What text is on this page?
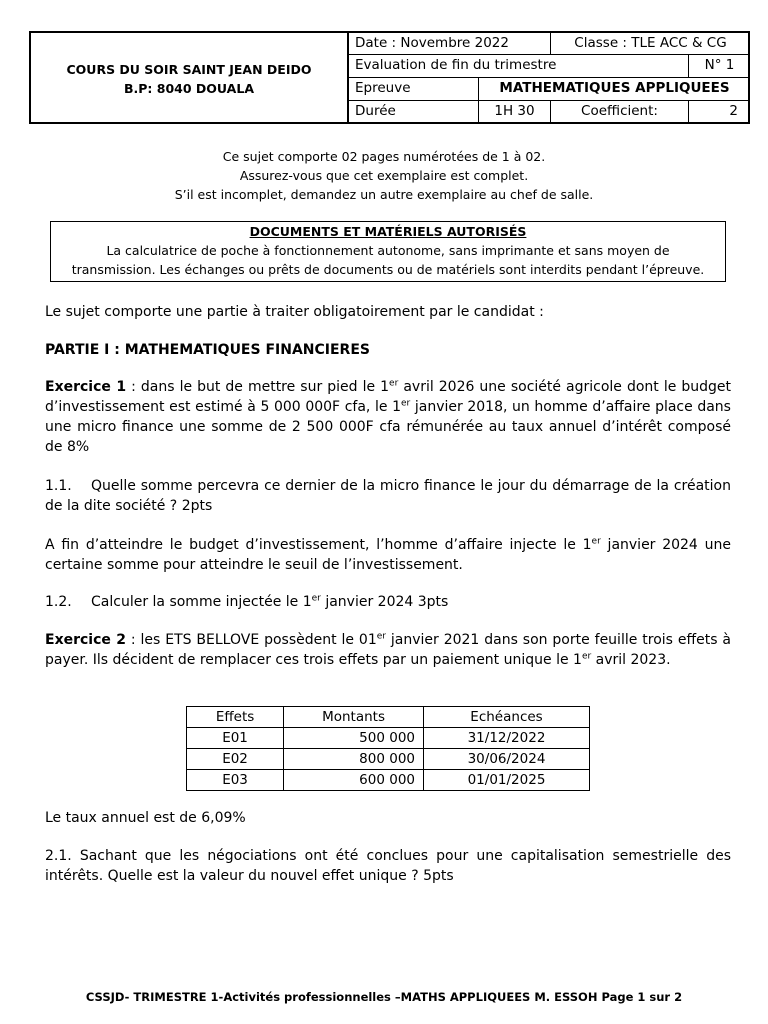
COURS DU SOIR SAINT JEAN DEIDO
B.P: 8040 DOUALA
Date : Novembre 2022	Classe : TLE ACC & CG
Evaluation de fin du trimestre	N° 1
Epreuve	MATHEMATIQUES APPLIQUEES
Durée	1H 30	Coefficient:	2
Ce sujet comporte 02 pages numérotées de 1 à 02.
Assurez-vous que cet exemplaire est complet.
S’il est incomplet, demandez un autre exemplaire au chef de salle.
DOCUMENTS ET MATÉRIELS AUTORISÉS
La calculatrice de poche à fonctionnement autonome, sans imprimante et sans moyen de
transmission. Les échanges ou prêts de documents ou de matériels sont interdits pendant l’épreuve.
Le sujet comporte une partie à traiter obligatoirement par le candidat :
PARTIE I : MATHEMATIQUES FINANCIERES
Exercice 1 : dans le but de mettre sur pied le 1er avril 2026 une société agricole dont le budget d’investissement est estimé à 5 000 000F cfa, le 1er janvier 2018, un homme d’affaire place dans une micro finance une somme de 2 500 000F cfa rémunérée au taux annuel d’intérêt composé de 8%
1.1. Quelle somme percevra ce dernier de la micro finance le jour du démarrage de la création de la dite société ? 2pts
A fin d’atteindre le budget d’investissement, l’homme d’affaire injecte le 1er janvier 2024 une certaine somme pour atteindre le seuil de l’investissement.
1.2. Calculer la somme injectée le 1er janvier 2024 3pts
Exercice 2 : les ETS BELLOVE possèdent le 01er janvier 2021 dans son porte feuille trois effets à payer. Ils décident de remplacer ces trois effets par un paiement unique le 1er avril 2023.
Effets	Montants	Echéances
E01	500 000	31/12/2022
E02	800 000	30/06/2024
E03	600 000	01/01/2025
Le taux annuel est de 6,09%
2.1. Sachant que les négociations ont été conclues pour une capitalisation semestrielle des intérêts. Quelle est la valeur du nouvel effet unique ? 5pts
CSSJD- TRIMESTRE 1-Activités professionnelles –MATHS APPLIQUEES M. ESSOH Page 1 sur 2
